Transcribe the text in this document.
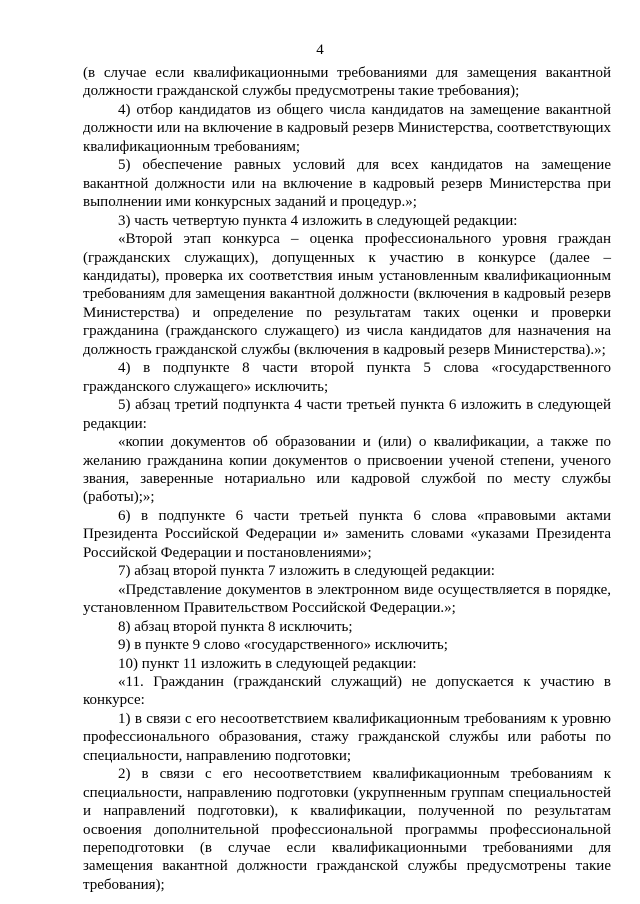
4

(в случае если квалификационными требованиями для замещения вакантной должности гражданской службы предусмотрены такие требования);

4) отбор кандидатов из общего числа кандидатов на замещение вакантной должности или на включение в кадровый резерв Министерства, соответствующих квалификационным требованиям;

5) обеспечение равных условий для всех кандидатов на замещение вакантной должности или на включение в кадровый резерв Министерства при выполнении ими конкурсных заданий и процедур.»;

3) часть четвертую пункта 4 изложить в следующей редакции:

«Второй этап конкурса – оценка профессионального уровня граждан (гражданских служащих), допущенных к участию в конкурсе (далее – кандидаты), проверка их соответствия иным установленным квалификационным требованиям для замещения вакантной должности (включения в кадровый резерв Министерства) и определение по результатам таких оценки и проверки гражданина (гражданского служащего) из числа кандидатов для назначения на должность гражданской службы (включения в кадровый резерв Министерства).»;

4) в подпункте 8 части второй пункта 5 слова «государственного гражданского служащего» исключить;

5) абзац третий подпункта 4 части третьей пункта 6 изложить в следующей редакции:

«копии документов об образовании и (или) о квалификации, а также по желанию гражданина копии документов о присвоении ученой степени, ученого звания, заверенные нотариально или кадровой службой по месту службы (работы);»;

6) в подпункте 6 части третьей пункта 6 слова «правовыми актами Президента Российской Федерации и» заменить словами «указами Президента Российской Федерации и постановлениями»;

7) абзац второй пункта 7 изложить в следующей редакции:

«Представление документов в электронном виде осуществляется в порядке, установленном Правительством Российской Федерации.»;

8) абзац второй пункта 8 исключить;

9) в пункте 9 слово «государственного» исключить;

10) пункт 11 изложить в следующей редакции:

«11. Гражданин (гражданский служащий) не допускается к участию в конкурсе:

1) в связи с его несоответствием квалификационным требованиям к уровню профессионального образования, стажу гражданской службы или работы по специальности, направлению подготовки;

2) в связи с его несоответствием квалификационным требованиям к специальности, направлению подготовки (укрупненным группам специальностей и направлений подготовки), к квалификации, полученной по результатам освоения дополнительной профессиональной программы профессиональной переподготовки (в случае если квалификационными требованиями для замещения вакантной должности гражданской службы предусмотрены такие требования);
